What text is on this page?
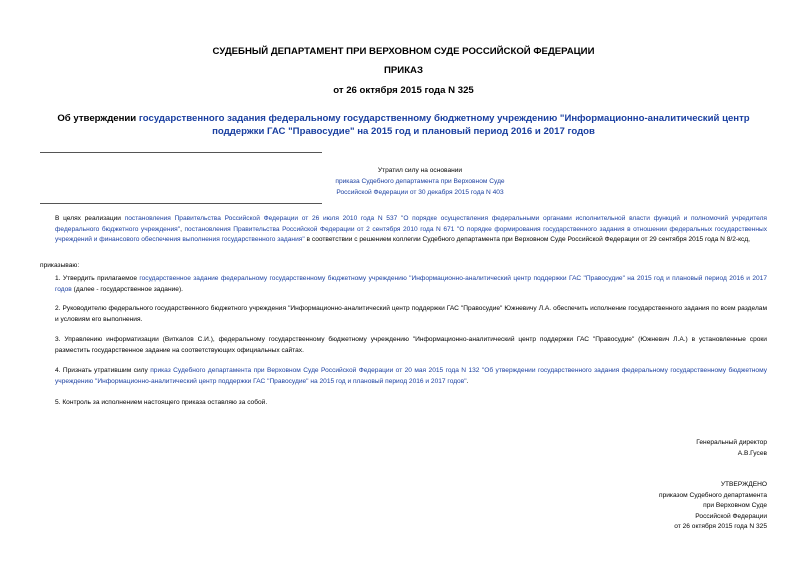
СУДЕБНЫЙ ДЕПАРТАМЕНТ ПРИ ВЕРХОВНОМ СУДЕ РОССИЙСКОЙ ФЕДЕРАЦИИ
ПРИКАЗ
от 26 октября 2015 года N 325
Об утверждении государственного задания федеральному государственному бюджетному учреждению "Информационно-аналитический центр поддержки ГАС "Правосудие" на 2015 год и плановый период 2016 и 2017 годов
Утратил силу на основании
приказа Судебного департамента при Верховном Суде Российской Федерации от 30 декабря 2015 года N 403
В целях реализации постановления Правительства Российской Федерации от 26 июля 2010 года N 537 "О порядке осуществления федеральными органами исполнительной власти функций и полномочий учредителя федерального бюджетного учреждения", постановления Правительства Российской Федерации от 2 сентября 2010 года N 671 "О порядке формирования государственного задания в отношении федеральных государственных учреждений и финансового обеспечения выполнения государственного задания" в соответствии с решением коллегии Судебного департамента при Верховном Суде Российской Федерации от 29 сентября 2015 года N 8/2-ксд,
приказываю:
1. Утвердить прилагаемое государственное задание федеральному государственному бюджетному учреждению "Информационно-аналитический центр поддержки ГАС "Правосудие" на 2015 год и плановый период 2016 и 2017 годов (далее - государственное задание).
2. Руководителю федерального государственного бюджетного учреждения "Информационно-аналитический центр поддержки ГАС "Правосудие" Южневичу Л.А. обеспечить исполнение государственного задания по всем разделам и условиям его выполнения.
3. Управлению информатизации (Виткалов С.И.), федеральному государственному бюджетному учреждению "Информационно-аналитический центр поддержки ГАС "Правосудие" (Южневич Л.А.) в установленные сроки разместить государственное задание на соответствующих официальных сайтах.
4. Признать утратившим силу приказ Судебного департамента при Верховном Суде Российской Федерации от 20 мая 2015 года N 132 "Об утверждении государственного задания федеральному государственному бюджетному учреждению "Информационно-аналитический центр поддержки ГАС "Правосудие" на 2015 год и плановый период 2016 и 2017 годов".
5. Контроль за исполнением настоящего приказа оставляю за собой.
Генеральный директор
А.В.Гусев
УТВЕРЖДЕНО
приказом Судебного департамента
при Верховном Суде
Российской Федерации
от 26 октября 2015 года N 325
